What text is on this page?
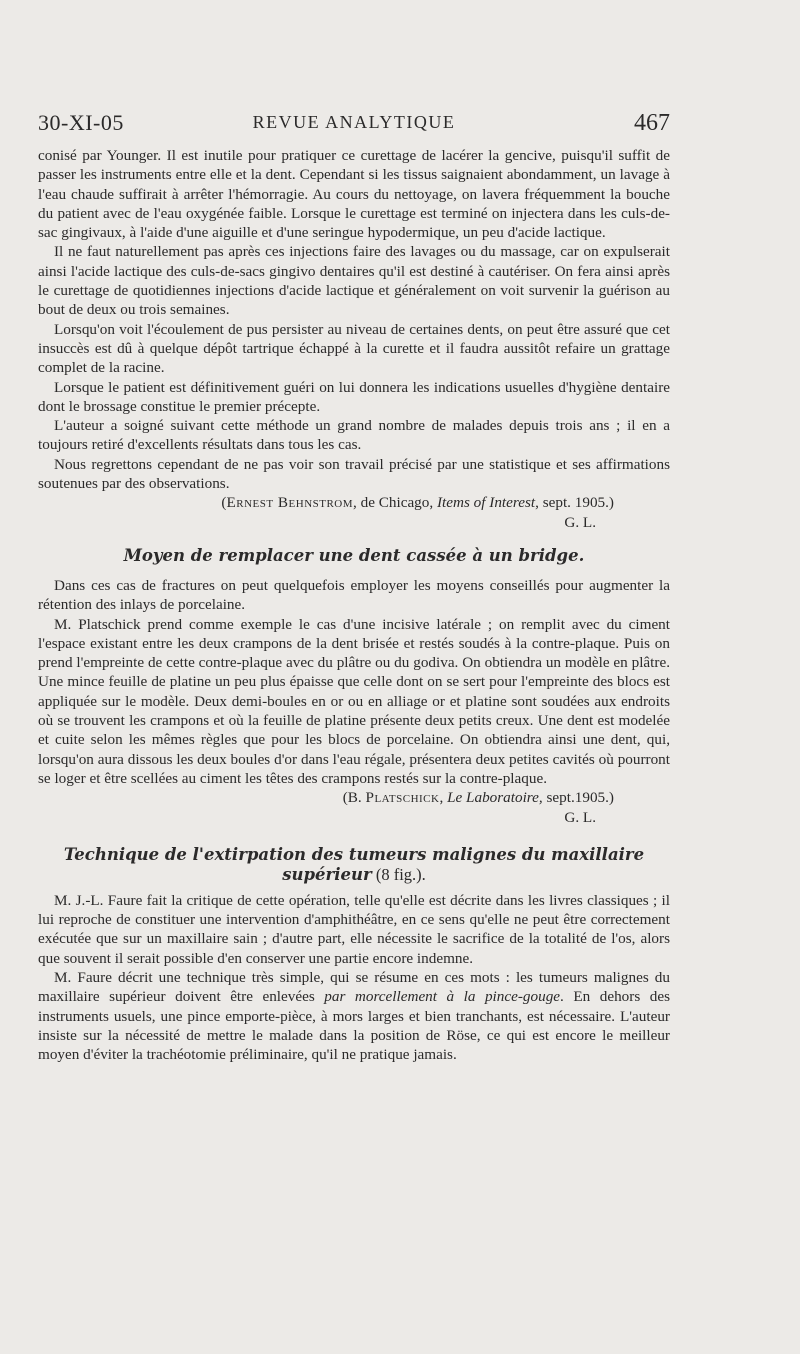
30-XI-05	REVUE ANALYTIQUE	467

conisé par Younger. Il est inutile pour pratiquer ce curettage de lacérer la gencive, puisqu'il suffit de passer les instruments entre elle et la dent. Cependant si les tissus saignaient abondamment, un lavage à l'eau chaude suffirait à arrêter l'hémorragie. Au cours du nettoyage, on lavera fréquemment la bouche du patient avec de l'eau oxygénée faible. Lorsque le curettage est terminé on injectera dans les culs-de-sac gingivaux, à l'aide d'une aiguille et d'une seringue hypodermique, un peu d'acide lactique.

Il ne faut naturellement pas après ces injections faire des lavages ou du massage, car on expulserait ainsi l'acide lactique des culs-de-sacs gingivo dentaires qu'il est destiné à cautériser. On fera ainsi après le curettage de quotidiennes injections d'acide lactique et généralement on voit survenir la guérison au bout de deux ou trois semaines.

Lorsqu'on voit l'écoulement de pus persister au niveau de certaines dents, on peut être assuré que cet insuccès est dû à quelque dépôt tartrique échappé à la curette et il faudra aussitôt refaire un grattage complet de la racine.

Lorsque le patient est définitivement guéri on lui donnera les indications usuelles d'hygiène dentaire dont le brossage constitue le premier précepte.

L'auteur a soigné suivant cette méthode un grand nombre de malades depuis trois ans ; il en a toujours retiré d'excellents résultats dans tous les cas.

Nous regrettons cependant de ne pas voir son travail précisé par une statistique et ses affirmations soutenues par des observations.

(Ernest Behnstrom, de Chicago, Items of Interest, sept. 1905.)

G. L.

Moyen de remplacer une dent cassée à un bridge.

Dans ces cas de fractures on peut quelquefois employer les moyens conseillés pour augmenter la rétention des inlays de porcelaine.

M. Platschick prend comme exemple le cas d'une incisive latérale ; on remplit avec du ciment l'espace existant entre les deux crampons de la dent brisée et restés soudés à la contre-plaque. Puis on prend l'empreinte de cette contre-plaque avec du plâtre ou du godiva. On obtiendra un modèle en plâtre. Une mince feuille de platine un peu plus épaisse que celle dont on se sert pour l'empreinte des blocs est appliquée sur le modèle. Deux demi-boules en or ou en alliage or et platine sont soudées aux endroits où se trouvent les crampons et où la feuille de platine présente deux petits creux. Une dent est modelée et cuite selon les mêmes règles que pour les blocs de porcelaine. On obtiendra ainsi une dent, qui, lorsqu'on aura dissous les deux boules d'or dans l'eau régale, présentera deux petites cavités où pourront se loger et être scellées au ciment les têtes des crampons restés sur la contre-plaque.

(B. Platschick, Le Laboratoire, sept.1905.)

G. L.

Technique de l'extirpation des tumeurs malignes du maxillaire supérieur (8 fig.).

M. J.-L. Faure fait la critique de cette opération, telle qu'elle est décrite dans les livres classiques ; il lui reproche de constituer une intervention d'amphithéâtre, en ce sens qu'elle ne peut être correctement exécutée que sur un maxillaire sain ; d'autre part, elle nécessite le sacrifice de la totalité de l'os, alors que souvent il serait possible d'en conserver une partie encore indemne.

M. Faure décrit une technique très simple, qui se résume en ces mots : les tumeurs malignes du maxillaire supérieur doivent être enlevées par morcellement à la pince-gouge. En dehors des instruments usuels, une pince emporte-pièce, à mors larges et bien tranchants, est nécessaire. L'auteur insiste sur la nécessité de mettre le malade dans la position de Röse, ce qui est encore le meilleur moyen d'éviter la trachéotomie préliminaire, qu'il ne pratique jamais.
